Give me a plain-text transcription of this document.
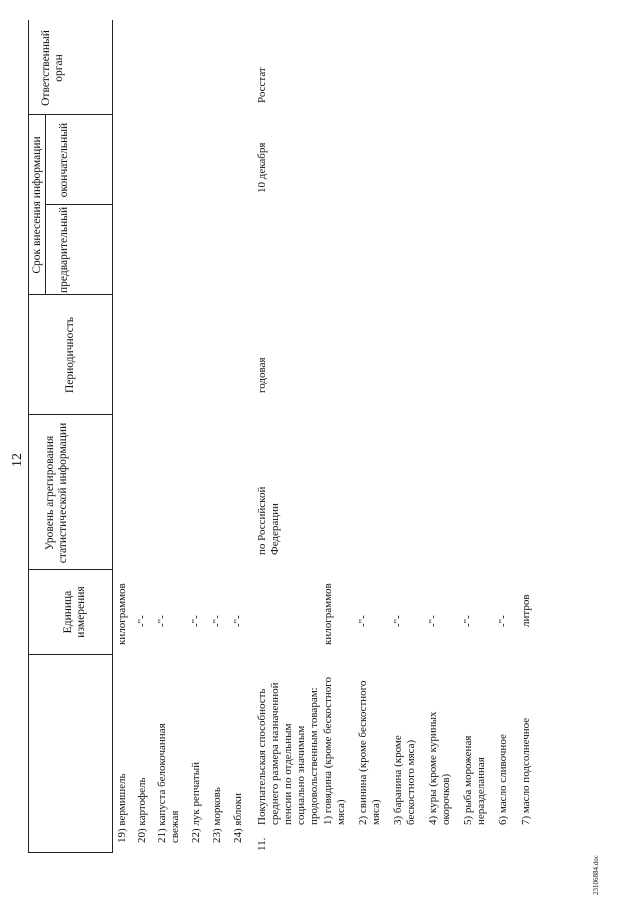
12
23106884.doc
Единица измерения
Уровень агрегирования статистической информации
Периодичность
Срок внесения информации предварительный
окончательный
Ответственный орган
19) вермишель
килограммов
20) картофель
-"-
21) капуста белокочанная свежая
-"-
22) лук репчатый
-"-
23) морковь
-"-
24) яблоки
-"-
11.
Покупательская способность среднего размера назначенной пенсии по отдельным социально значимым продовольственным товарам: 1) говядина (кроме бескостного мяса)
килограммов
2) свинина (кроме бескостного мяса)
-"-
3) баранина (кроме бескостного мяса)
-"-
4) куры (кроме куриных окорочков)
-"-
5) рыба мороженая неразделанная
-"-
6) масло сливочное
-"-
7) масло подсолнечное
литров
по Российской Федерации
годовая
10 декабря
Росстат
